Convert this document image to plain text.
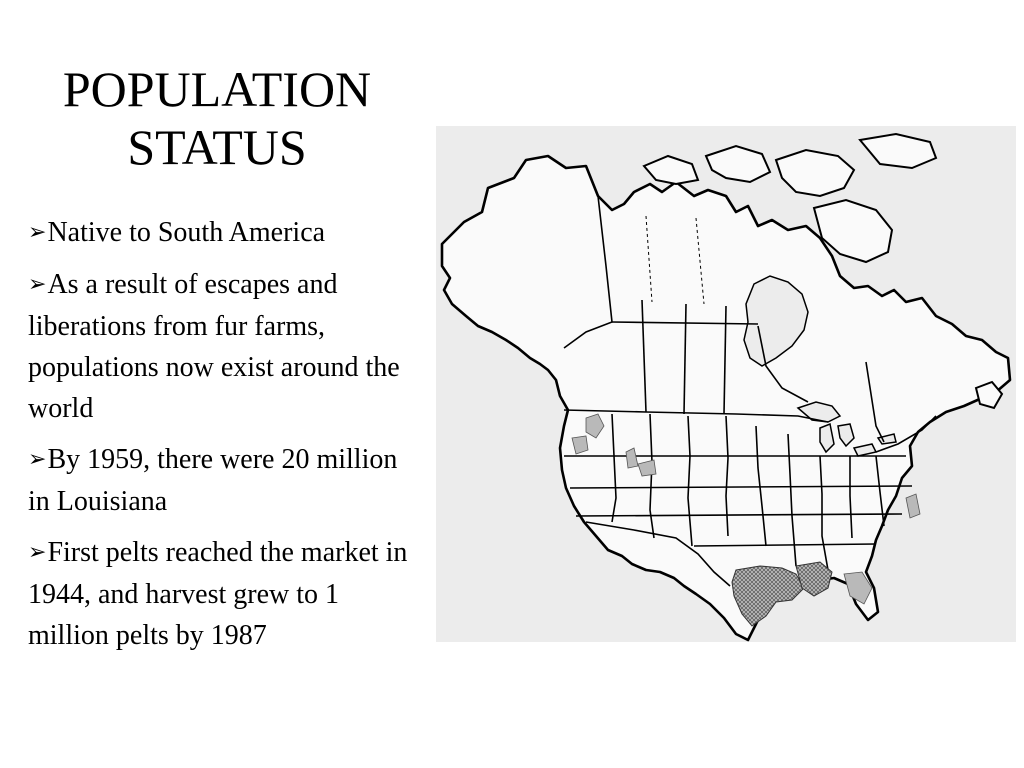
POPULATION
STATUS
➢Native to South America
➢As a result of escapes and liberations from fur farms, populations now exist around the world
➢By 1959, there were 20 million in Louisiana
➢First pelts reached the market in 1944, and harvest grew to 1 million pelts by 1987
